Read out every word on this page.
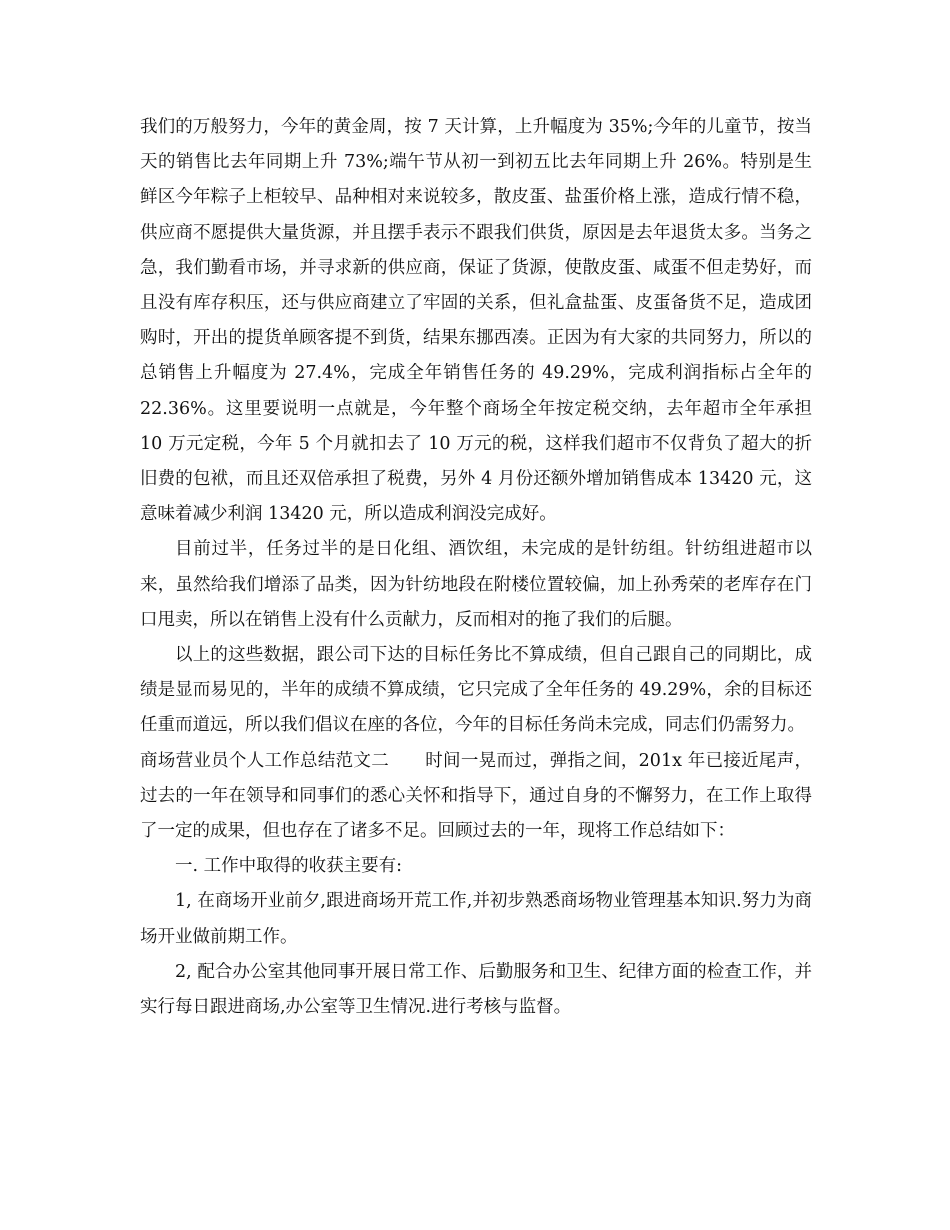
我们的万般努力，今年的黄金周，按 7 天计算，上升幅度为 35%;今年的儿童节，按当天的销售比去年同期上升 73%;端午节从初一到初五比去年同期上升 26%。特别是生鲜区今年粽子上柜较早、品种相对来说较多，散皮蛋、盐蛋价格上涨，造成行情不稳，供应商不愿提供大量货源，并且摆手表示不跟我们供货，原因是去年退货太多。当务之急，我们勤看市场，并寻求新的供应商，保证了货源，使散皮蛋、咸蛋不但走势好，而且没有库存积压，还与供应商建立了牢固的关系，但礼盒盐蛋、皮蛋备货不足，造成团购时，开出的提货单顾客提不到货，结果东挪西凑。正因为有大家的共同努力，所以的总销售上升幅度为 27.4%，完成全年销售任务的 49.29%，完成利润指标占全年的 22.36%。这里要说明一点就是，今年整个商场全年按定税交纳，去年超市全年承担 10 万元定税，今年 5 个月就扣去了 10 万元的税，这样我们超市不仅背负了超大的折旧费的包袱，而且还双倍承担了税费，另外 4 月份还额外增加销售成本 13420 元，这意味着减少利润 13420 元，所以造成利润没完成好。

目前过半，任务过半的是日化组、酒饮组，未完成的是针纺组。针纺组进超市以来，虽然给我们增添了品类，因为针纺地段在附楼位置较偏，加上孙秀荣的老库存在门口甩卖，所以在销售上没有什么贡献力，反而相对的拖了我们的后腿。

以上的这些数据，跟公司下达的目标任务比不算成绩，但自己跟自己的同期比，成绩是显而易见的，半年的成绩不算成绩，它只完成了全年任务的 49.29%，余的目标还任重而道远，所以我们倡议在座的各位，今年的目标任务尚未完成，同志们仍需努力。

商场营业员个人工作总结范文二 时间一晃而过，弹指之间，201x 年已接近尾声，过去的一年在领导和同事们的悉心关怀和指导下，通过自身的不懈努力，在工作上取得了一定的成果，但也存在了诸多不足。回顾过去的一年，现将工作总结如下：

一. 工作中取得的收获主要有:

1, 在商场开业前夕,跟进商场开荒工作,并初步熟悉商场物业管理基本知识.努力为商场开业做前期工作。

2, 配合办公室其他同事开展日常工作、后勤服务和卫生、纪律方面的检查工作，并实行每日跟进商场,办公室等卫生情况.进行考核与监督。
